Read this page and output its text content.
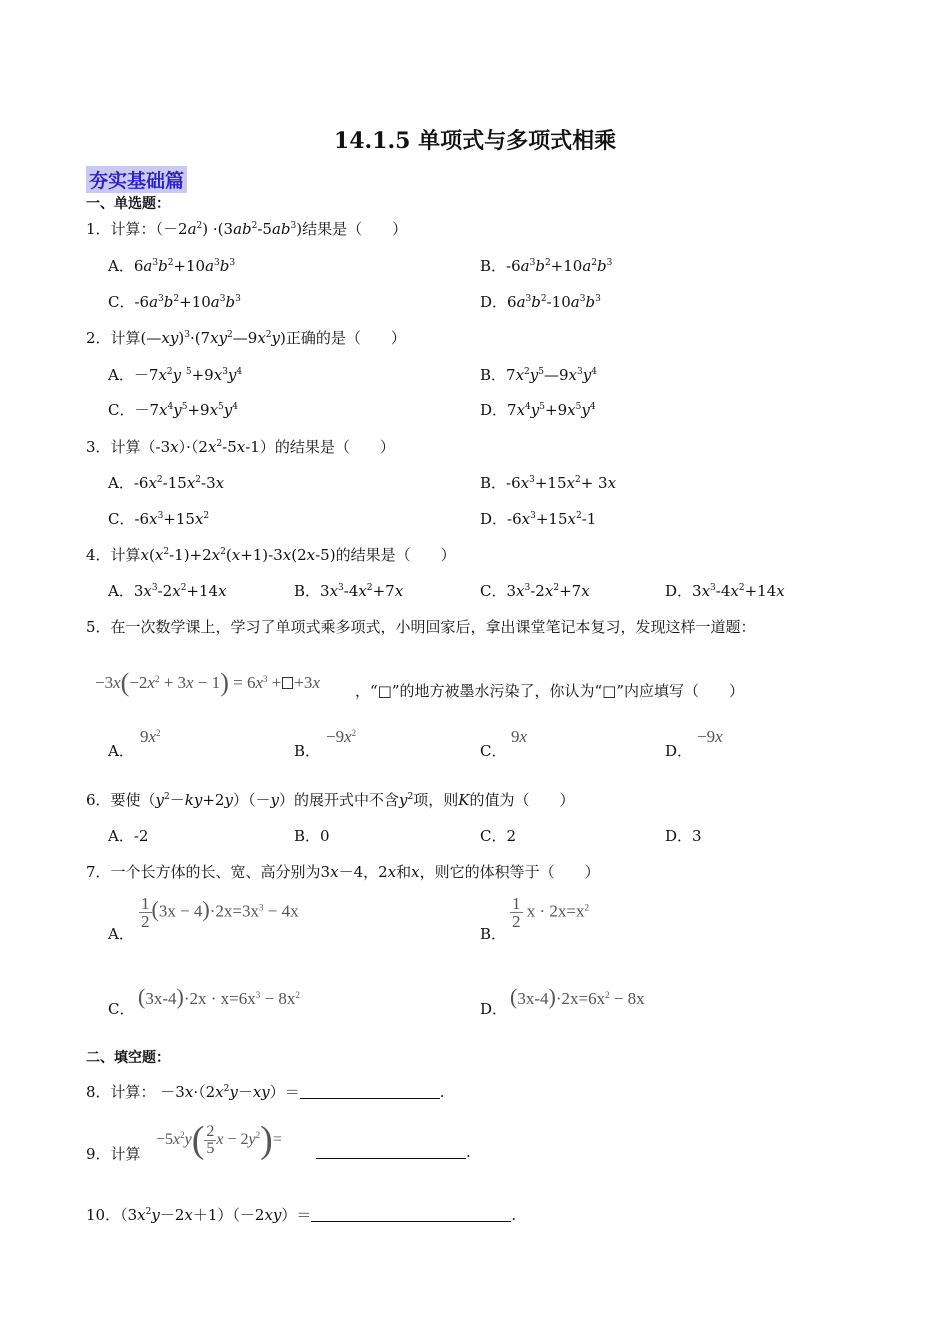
14.1.5 单项式与多项式相乘
夯实基础篇
一、单选题：
1．计算：$(-2a^2) \cdot(3ab^2-5ab^3)$结果是（　　）
A．$6a^3b^2+10a^3b^3$	B．$-6a^3b^2+10a^2b^3$
C．$-6a^3b^2+10a^3b^3$	D．$6a^3b^2-10a^3b^3$
2．计算$(—xy)^3\cdot(7xy^2—9x^2y)$正确的是（　　）
A．$-7x^2y$ $^5+9x^3y^4$	B．$7x^2y^5—9x^3y^4$
C．$-7x^4y^5+9x^5y^4$	D．$7x^4y^5+9x^5y^4$
3．计算$(-3x)\cdot(2x^2-5x-1)$的结果是（　　）
A．$-6x^2-15x^2-3x$	B．$-6x^3+15x^2+ 3x$
C．$-6x^3+15x^2$	D．$-6x^3+15x^2-1$
4．计算$x(x^2-1)+2x^2(x+1)-3x(2x-5)$的结果是（　　）
A．$3x^3-2x^2+14x$	B．$3x^3-4x^2+7x$	C．$3x^3-2x^2+7x$	D．$3x^3-4x^2+14x$
5．在一次数学课上，学习了单项式乘多项式，小明回家后，拿出课堂笔记本复习，发现这样一道题：
$-3x(-2x^2 + 3x - 1) = 6x^3 + +3x$ ，“□”的地方被墨水污染了，你认为“□”内应填写（　　）
A．
$9x^2$
B．
$-9x^2$
C．
9x
D．
−9x
6．要使$(y^2-ky+2y)(-y)$的展开式中不含$y^2$项，则K的值为（　　）
A．-2	B．0	C．2	D．3
7．一个长方体的长、宽、高分别为3x－4，2x和x，则它的体积等于（　　）
A．
$\frac{1}{2} (3x - 4)\cdot 2x=3x^3 - 4x$
B．
$\frac{1}{2}$ $x \cdot 2x=x^2$
C． $(3x-4)\cdot 2x \cdot x=6x^3 - 8x^2$
D． $(3x-4)\cdot 2x=6x^2 - 8x$
二、填空题：
8．计算： $-3x\cdot(2x^2y-xy)=$	.
9．计算
$-5x^2y( \frac{2}{5}$ $x - 2y^2)=$
.
10．$(3x^2y-2x+1)(-2xy)=$	.
